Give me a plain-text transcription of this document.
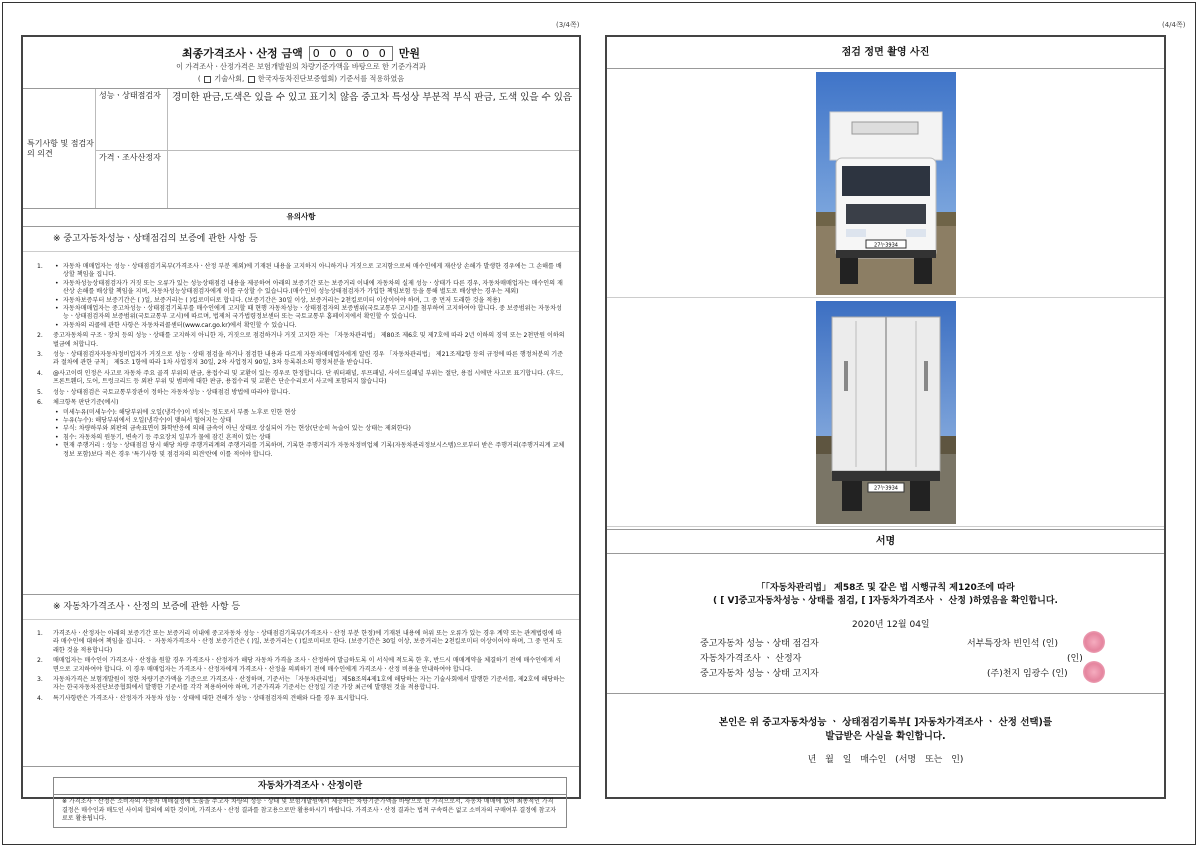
(3/4쪽)	(4/4쪽)
최종가격조사ㆍ산정 금액 0 0 0 0 0 만원
이 가격조사ㆍ산정가격은 보험개발원의 차량기준가액을 바탕으로 한 기준가격과
( 기술사회, 한국자동차진단보증협회) 기준서를 적용하였음
특기사항 및 점검자의 의견
성능ㆍ상태점검자	경미한 판금,도색은 있을 수 있고 표기치 않음 중고차 특성상 부분적 부식 판금, 도색 있을 수 있음
가격ㆍ조사산정자
유의사항
※ 중고자동차성능ㆍ상태점검의 보증에 관한 사항 등
1.
•	자동차 매매업자는 성능ㆍ상태점검기록부(가격조사ㆍ산정 부분 제외)에 기재된 내용을 고지하지 아니하거나 거짓으로 고지함으로써 매수인에게 재산상 손해가 발생한 경우에는 그 손해를 배상할 책임을 집니다.
• 자동차성능상태점검자가 거짓 또는 오류가 있는 성능상태점검 내용을 제공하여 아래의 보증기간 또는 보증거리 이내에 자동차의 실제 성능ㆍ상태가 다른 경우, 자동차매매업자는 매수인의 재산상 손해를 배상할 책임을 지며, 자동차성능상태점검자에게 이를 구상할 수 있습니다.(매수인이 성능상태점검자가 가입한 책임보험 등을 통해 별도로 배상받는 경우는 제외)
• 자동차보증부터 보증기간은 ( )일, 보증거리는 ( )킬로미터로 합니다. (보증기간은 30일 이상, 보증거리는 2천킬로미터 이상이어야 하며, 그 중 먼저 도래한 것을 적용)
• 자동차매매업자는 중고차성능ㆍ상태점검기록부를 매수인에게 고지할 때 현행 자동차성능ㆍ상태점검자의 보증범위(국토교통부 고시)를 첨부하여 고지하여야 합니다. 중 보증범위는 자동차성능ㆍ상태점검자의 보증범위(국토교통부 고시)에 따르며, 법제처 국가법령정보센터 또는 국토교통부 홈페이지에서 확인할 수 있습니다.
• 자동차의 리콜에 관한 사항은 자동차리콜센터(www.car.go.kr)에서 확인할 수 있습니다.
2. 중고자동차의 구조ㆍ장치 등의 성능ㆍ상태를 고지하지 아니한 자, 거짓으로 점검하거나 거짓 고지한 자는 「자동차관리법」 제80조 제6호 및 제7호에 따라 2년 이하의 징역 또는 2천만원 이하의 벌금에 처합니다.
3. 성능ㆍ상태점검자자동차정비업자가 거짓으로 성능ㆍ상태 점검을 하거나 점검한 내용과 다르게 자동차매매업자에게 알린 경우 「자동차관리법」 제21조제2항 등의 규정에 따른 행정처분의 기준과 절차에 관한 규칙」 제5조 1항에 따라 1차 사업정지 30일, 2차 사업정지 90일, 3차 등록취소의 행정처분을 받습니다.
4. @사고이력 인정은 사고로 자동차 주요 골격 부위의 판금, 용접수리 및 교환이 있는 경우로 한정합니다. 단 쿼터패널, 루프패널, 사이드실패널 부위는 절단, 용접 시에만 사고로 표기합니다. (후드, 프론트휀더, 도어, 트렁크리드 등 외판 부위 및 범퍼에 대한 판금, 용접수리 및 교환은 단순수리로서 사고에 포함되지 않습니다)
5. 성능ㆍ상태점검은 국토교통부장관이 정하는 자동차성능ㆍ상태점검 방법에 따라야 합니다.
6. 체크항목 판단기준(예시)
• 미세누유(미세누수): 해당부위에 오일(냉각수)이 비치는 정도로서 부품 노후로 인한 현상
• 누유(누수): 해당부위에서 오일(냉각수)이 맺혀서 떨어지는 상태
• 부식: 차량하부와 외판의 금속표면이 화학반응에 의해 금속이 아닌 상태로 상실되어 가는 현상(단순히 녹슬어 있는 상태는 제외한다)
• 침수: 자동차의 원동기, 변속기 등 주요장치 일부가 물에 잠긴 흔적이 있는 상태
• 현재 주행거리 : 성능ㆍ상태점검 당시 해당 차량 주행거리계의 주행거리를 기록하며, 기록한 주행거리가 자동차정비업체 기록(자동차관리정보시스템)으로부터 받은 주행거리(주행거리계 교체 정보 포함)보다 적은 경우 '특기사항 및 점검자의 의견'란에 이를 적어야 합니다.
※ 자동차가격조사ㆍ산정의 보증에 관한 사항 등
1. 가격조사ㆍ산정자는 아래의 보증기간 또는 보증거리 이내에 중고자동차 성능ㆍ상태점검기록부(가격조사ㆍ산정 부분 한정)에 기재된 내용에 허위 또는 오류가 있는 경우 계약 또는 관계법령에 따라 매수인에 대하여 책임을 집니다. ㆍ 자동차가격조사ㆍ산정 보증기간은 ( )일, 보증거리는 ( )킬로미터로 한다. (보증기간은 30일 이상, 보증거리는 2천킬로미터 이상이어야 하며, 그 중 먼저 도래한 것을 적용합니다)
2. 매매업자는 매수인이 가격조사ㆍ산정을 원할 경우 가격조사ㆍ산정자가 해당 자동차 가격을 조사ㆍ산정하여 발급하도록 이 서식에 적도록 한 후, 반드시 매매계약을 체결하기 전에 매수인에게 서면으로 고지하여야 합니다. 이 경우 매매업자는 가격조사ㆍ산정자에게 가격조사ㆍ산정을 의뢰하기 전에 매수인에게 가격조사ㆍ산정 비용을 안내하여야 합니다.
3. 자동차가격은 보험개발원이 정한 차량기준가액을 기준으로 가격조사ㆍ산정하며, 기준서는 「자동차관리법」 제58조의4제1호에 해당하는 자는 기술사회에서 발행한 기준서를, 제2호에 해당하는 자는 한국자동차진단보증협회에서 발행한 기준서를 각각 적용하여야 하며, 기준가격과 기준서는 산정일 기준 가장 최근에 발행된 것을 적용합니다.
4. 특기사항란은 가격조사ㆍ산정자가 자동차 성능ㆍ상태에 대한 견해가 성능ㆍ상태점검자의 견해와 다를 경우 표시합니다.
자동차가격조사ㆍ산정이란
※ 가격조사ㆍ산정은 소비자의 자동차 매매결정에 도움을 주고자 차량의 성능ㆍ상태 및 보험개발원에서 제공하는 차량기준가액을 바탕으로 한 가격으로서, 자동차 매매에 있어 최종적인 가격 결정은 매수인과 매도인 사이의 합의에 의한 것이며, 가격조사ㆍ산정 결과를 참고용으로만 활용하시기 바랍니다. 가격조사ㆍ산정 결과는 법적 구속력은 없고 소비자의 구매여부 결정에 참고자료로 활용됩니다.
점검 정면 촬영 사진
27누3934
27누3934
서명
「「자동차관리법」 제58조 및 같은 법 시행규칙 제120조에 따라
( [ V]중고자동차성능ㆍ상태를 점검, [ ]자동차가격조사 ㆍ 산정 )하였음을 확인합니다.
2020년 12월 04일
중고자동차 성능ㆍ상태 점검자	서부특장차 빈인석 (인)
자동차가격조사 ㆍ 산정자	(인)
중고자동차 성능ㆍ상태 고지자	(주)천지 임광수 (인)
본인은 위 중고자동차성능 ㆍ 상태점검기록부[ ]자동차가격조사 ㆍ 산정 선택)를
발급받은 사실을 확인합니다.
년 월 일 매수인 (서명 또는 인)
